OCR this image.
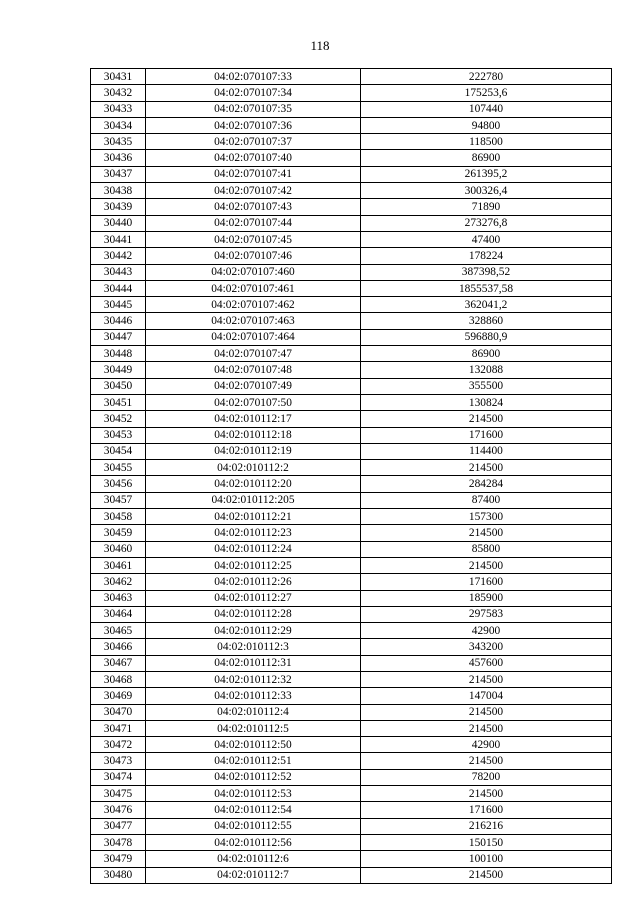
118
30431	04:02:070107:33	222780
30432	04:02:070107:34	175253,6
30433	04:02:070107:35	107440
30434	04:02:070107:36	94800
30435	04:02:070107:37	118500
30436	04:02:070107:40	86900
30437	04:02:070107:41	261395,2
30438	04:02:070107:42	300326,4
30439	04:02:070107:43	71890
30440	04:02:070107:44	273276,8
30441	04:02:070107:45	47400
30442	04:02:070107:46	178224
30443	04:02:070107:460	387398,52
30444	04:02:070107:461	1855537,58
30445	04:02:070107:462	362041,2
30446	04:02:070107:463	328860
30447	04:02:070107:464	596880,9
30448	04:02:070107:47	86900
30449	04:02:070107:48	132088
30450	04:02:070107:49	355500
30451	04:02:070107:50	130824
30452	04:02:010112:17	214500
30453	04:02:010112:18	171600
30454	04:02:010112:19	114400
30455	04:02:010112:2	214500
30456	04:02:010112:20	284284
30457	04:02:010112:205	87400
30458	04:02:010112:21	157300
30459	04:02:010112:23	214500
30460	04:02:010112:24	85800
30461	04:02:010112:25	214500
30462	04:02:010112:26	171600
30463	04:02:010112:27	185900
30464	04:02:010112:28	297583
30465	04:02:010112:29	42900
30466	04:02:010112:3	343200
30467	04:02:010112:31	457600
30468	04:02:010112:32	214500
30469	04:02:010112:33	147004
30470	04:02:010112:4	214500
30471	04:02:010112:5	214500
30472	04:02:010112:50	42900
30473	04:02:010112:51	214500
30474	04:02:010112:52	78200
30475	04:02:010112:53	214500
30476	04:02:010112:54	171600
30477	04:02:010112:55	216216
30478	04:02:010112:56	150150
30479	04:02:010112:6	100100
30480	04:02:010112:7	214500
